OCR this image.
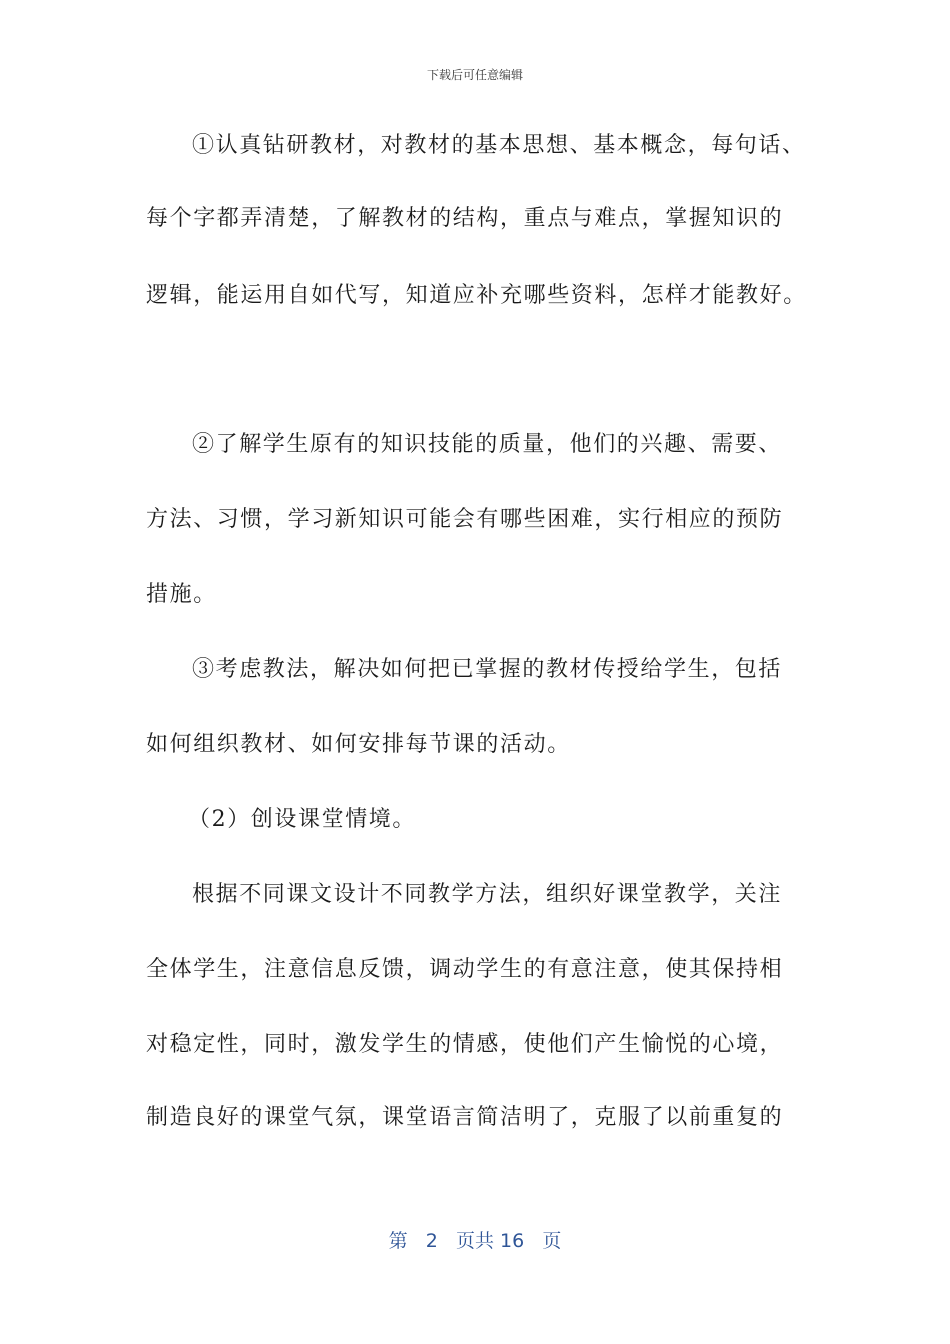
下载后可任意编辑
①认真钻研教材，对教材的基本思想、基本概念，每句话、
每个字都弄清楚，了解教材的结构，重点与难点，掌握知识的
逻辑，能运用自如代写，知道应补充哪些资料，怎样才能教好。
②了解学生原有的知识技能的质量，他们的兴趣、需要、
方法、习惯，学习新知识可能会有哪些困难，实行相应的预防
措施。
③考虑教法，解决如何把已掌握的教材传授给学生，包括
如何组织教材、如何安排每节课的活动。
（2）创设课堂情境。
根据不同课文设计不同教学方法，组织好课堂教学，关注
全体学生，注意信息反馈，调动学生的有意注意，使其保持相
对稳定性，同时，激发学生的情感，使他们产生愉悦的心境，
制造良好的课堂气氛，课堂语言简洁明了，克服了以前重复的
第 2 页共 16 页
